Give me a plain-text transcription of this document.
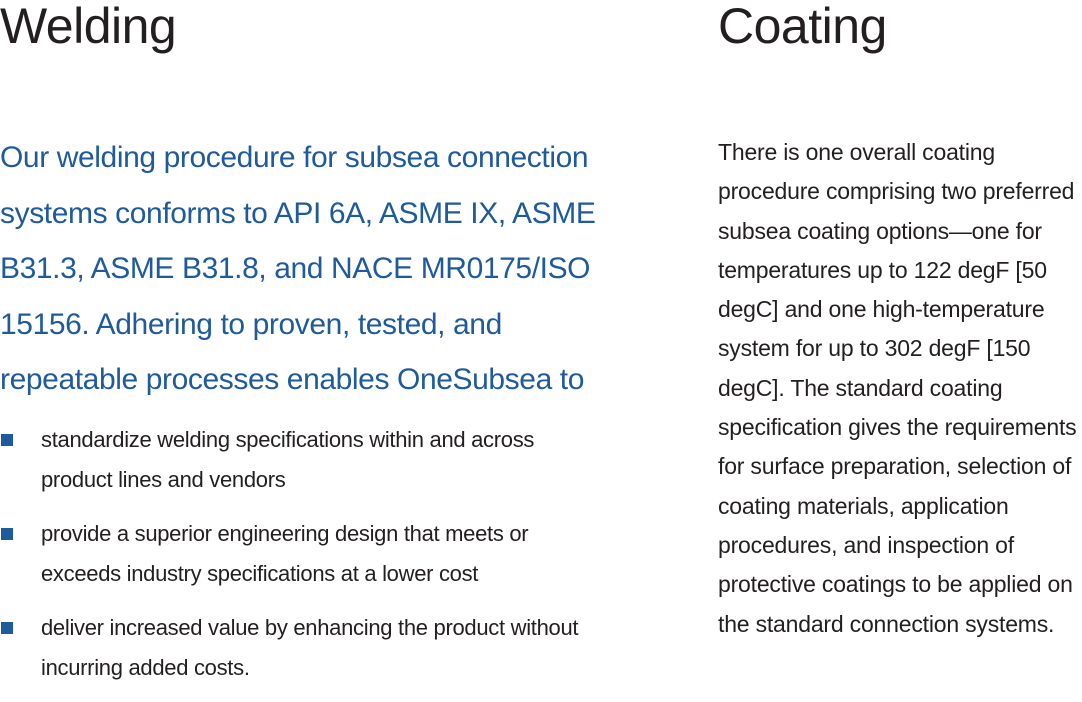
Welding

Our welding procedure for subsea connection systems conforms to API 6A, ASME IX, ASME B31.3, ASME B31.8, and NACE MR0175/ISO 15156. Adhering to proven, tested, and repeatable processes enables OneSubsea to

standardize welding specifications within and across product lines and vendors
provide a superior engineering design that meets or exceeds industry specifications at a lower cost
deliver increased value by enhancing the product without incurring added costs.
Coating

There is one overall coating procedure comprising two preferred subsea coating options—one for temperatures up to 122 degF [50 degC] and one high-temperature system for up to 302 degF [150 degC]. The standard coating specification gives the requirements for surface preparation, selection of coating materials, application procedures, and inspection of protective coatings to be applied on the standard connection systems.
